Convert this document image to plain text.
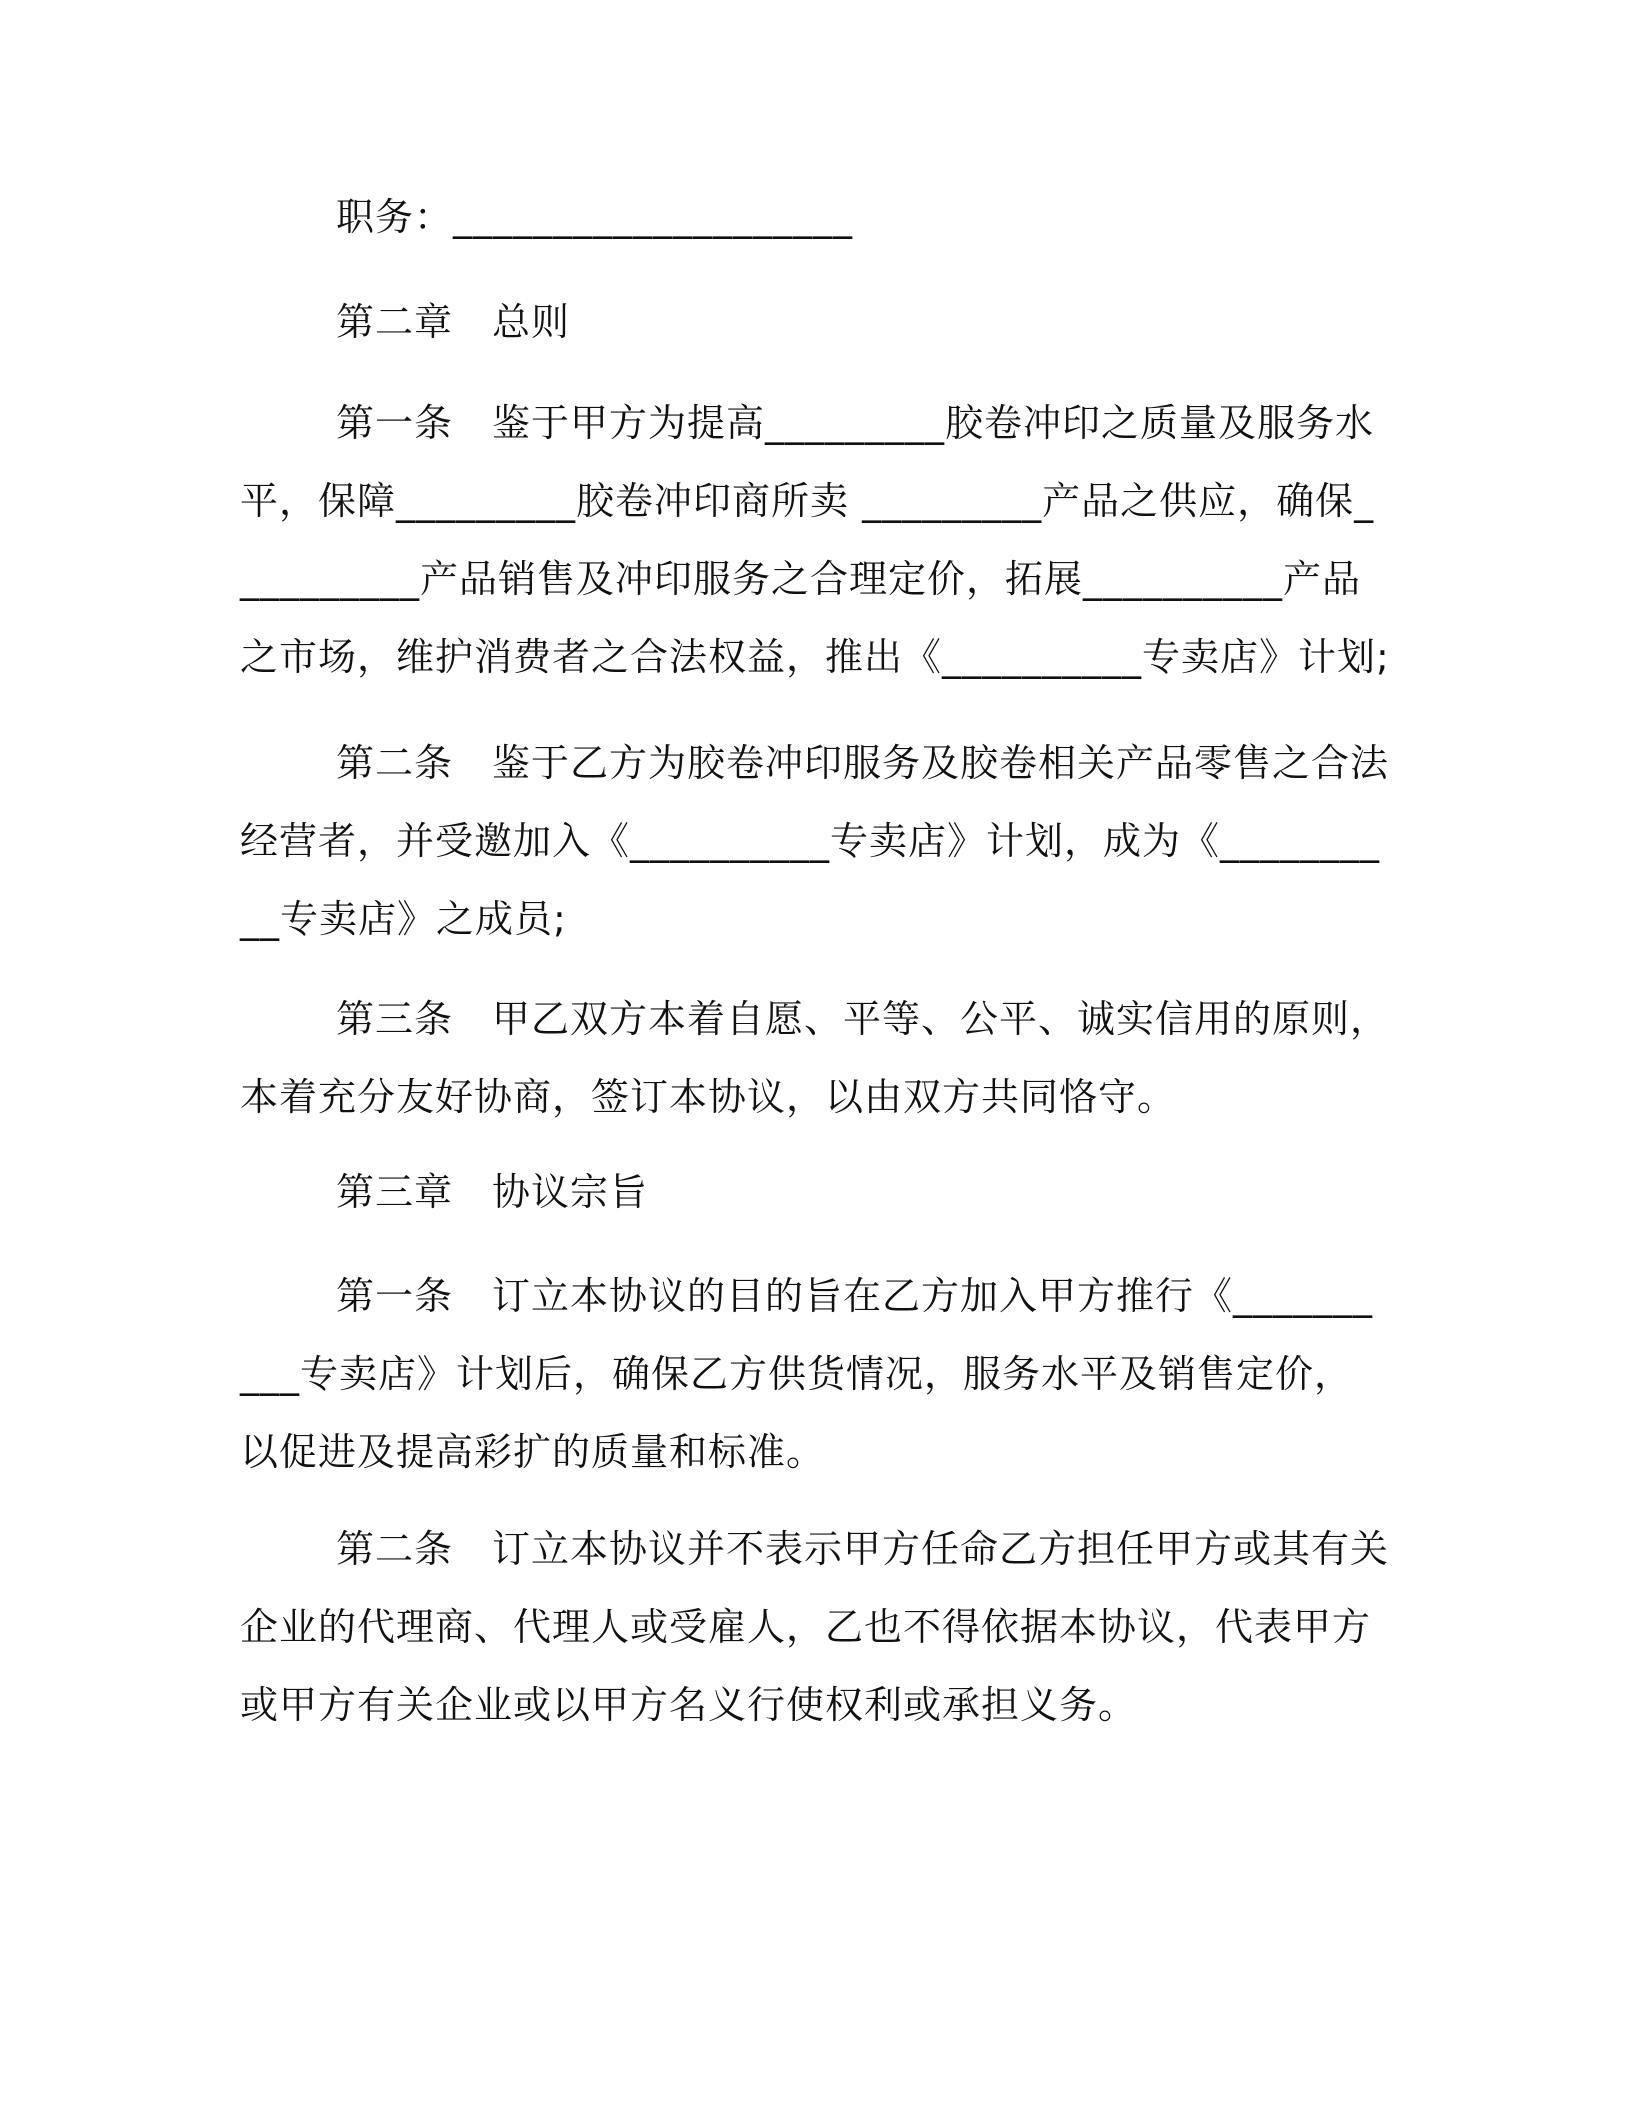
职务：____________________
第二章　总则

第一条　鉴于甲方为提高_________胶卷冲印之质量及服务水平，保障_________胶卷冲印商所卖 _________产品之供应，确保__________产品销售及冲印服务之合理定价，拓展__________产品之市场，维护消费者之合法权益，推出《__________专卖店》计划;

第二条　鉴于乙方为胶卷冲印服务及胶卷相关产品零售之合法经营者，并受邀加入《__________专卖店》计划，成为《__________专卖店》之成员;

第三条　甲乙双方本着自愿、平等、公平、诚实信用的原则，本着充分友好协商，签订本协议，以由双方共同恪守。

第三章　协议宗旨

第一条　订立本协议的目的旨在乙方加入甲方推行《__________专卖店》计划后，确保乙方供货情况，服务水平及销售定价，以促进及提高彩扩的质量和标准。

第二条　订立本协议并不表示甲方任命乙方担任甲方或其有关企业的代理商、代理人或受雇人，乙也不得依据本协议，代表甲方或甲方有关企业或以甲方名义行使权利或承担义务。
